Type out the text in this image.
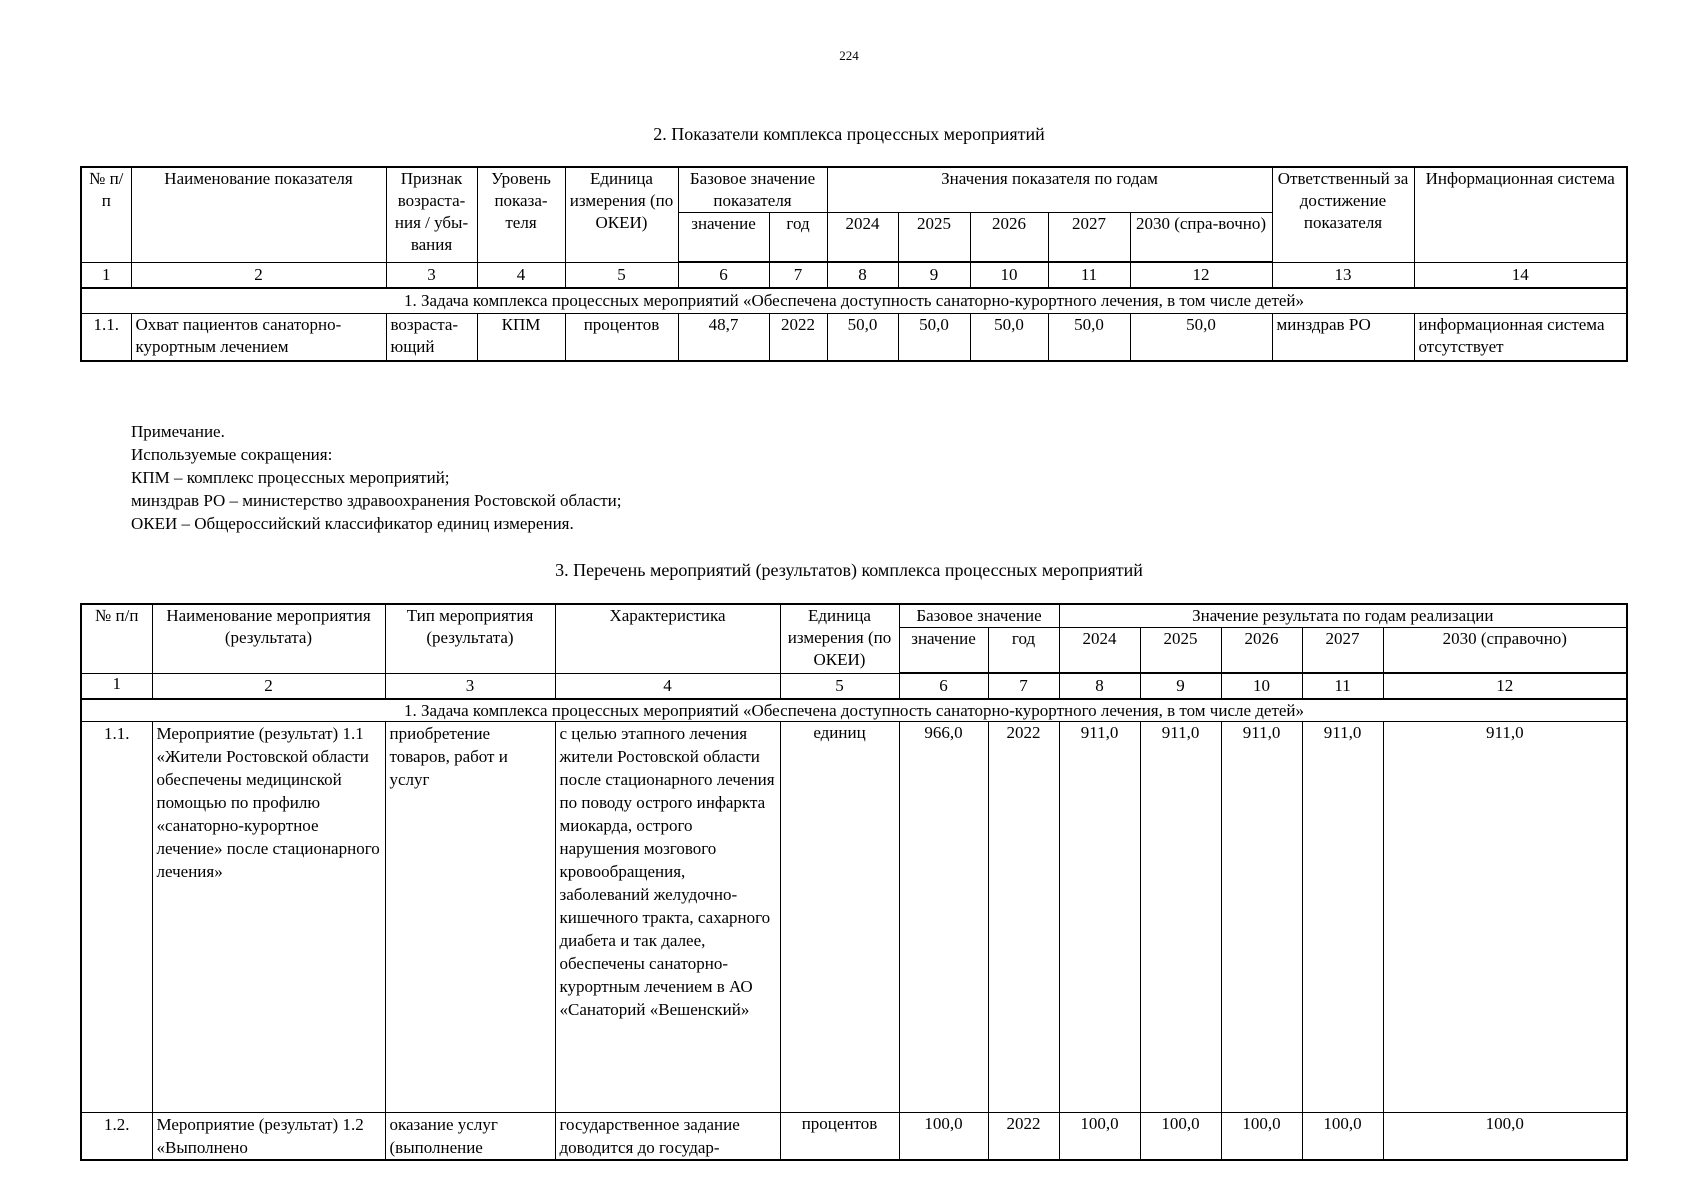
224
2. Показатели комплекса процессных мероприятий
№ п/п	Наименование показателя	Признак возраста-ния / убы-вания	Уровень показа-теля	Единица измерения (по ОКЕИ)	Базовое значение показателя		Значения показателя по годам					Ответственный за достижение показателя	Информационная система
					значение	год	2024	2025	2026	2027	2030 (спра-вочно)		
1	2	3	4	5	6	7	8	9	10	11	12	13	14
1. Задача комплекса процессных мероприятий «Обеспечена доступность санаторно-курортного лечения, в том числе детей»													
1.1.	Охват пациентов санаторно-курортным лечением	возраста-ющий	КПМ	процентов	48,7	2022	50,0	50,0	50,0	50,0	50,0	минздрав РО	информационная система отсутствует
Примечание.
Используемые сокращения:
КПМ – комплекс процессных мероприятий;
минздрав РО – министерство здравоохранения Ростовской области;
ОКЕИ – Общероссийский классификатор единиц измерения.
3. Перечень мероприятий (результатов) комплекса процессных мероприятий
№ п/п	Наименование мероприятия (результата)	Тип мероприятия (результата)	Характеристика	Единица измерения (по ОКЕИ)	Базовое значение		Значение результата по годам реализации				
					значение	год	2024	2025	2026	2027	2030 (справочно)
1	2	3	4	5	6	7	8	9	10	11	12
1. Задача комплекса процессных мероприятий «Обеспечена доступность санаторно-курортного лечения, в том числе детей»											
1.1.	Мероприятие (результат) 1.1 «Жители Ростовской области обеспечены медицинской помощью по профилю «санаторно-курортное лечение» после стационарного лечения»	приобретение товаров, работ и услуг	с целью этапного лечения жители Ростовской области после стационарного лечения по поводу острого инфаркта миокарда, острого нарушения мозгового кровообращения, заболеваний желудочно-кишечного тракта, сахарного диабета и так далее, обеспечены санаторно-курортным лечением в АО «Санаторий «Вешенский»	единиц	966,0	2022	911,0	911,0	911,0	911,0	911,0
1.2.	Мероприятие (результат) 1.2 «Выполнено	оказание услуг (выполнение	государственное задание доводится до государ-	процентов	100,0	2022	100,0	100,0	100,0	100,0	100,0
